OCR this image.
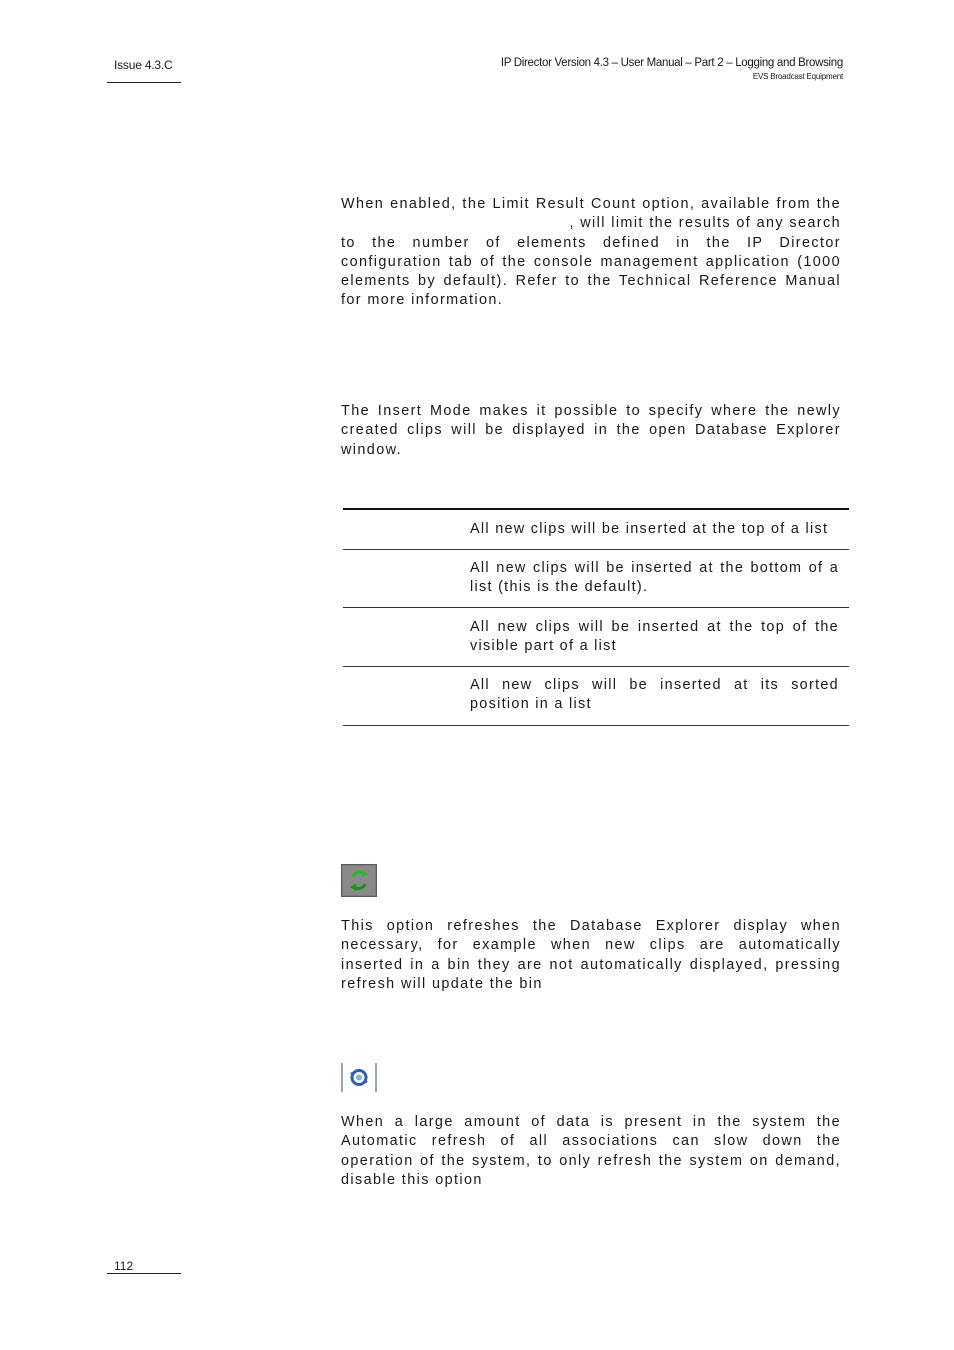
Issue 4.3.C	IP Director Version 4.3 – User Manual – Part 2 – Logging and Browsing
EVS Broadcast Equipment
When enabled, the Limit Result Count option, available from the
, will limit the results of any search
to the number of elements defined in the IP Director
configuration tab of the console management application (1000
elements by default). Refer to the Technical Reference Manual
for more information.
The Insert Mode makes it possible to specify where the newly
created clips will be displayed in the open Database Explorer
window.
All new clips will be inserted at the top of a list
All new clips will be inserted at the bottom of a
list (this is the default).
All new clips will be inserted at the top of the
visible part of a list
All new clips will be inserted at its sorted
position in a list
This option refreshes the Database Explorer display when
necessary, for example when new clips are automatically
inserted in a bin they are not automatically displayed, pressing
refresh will update the bin
When a large amount of data is present in the system the
Automatic refresh of all associations can slow down the
operation of the system, to only refresh the system on demand,
disable this option
112
